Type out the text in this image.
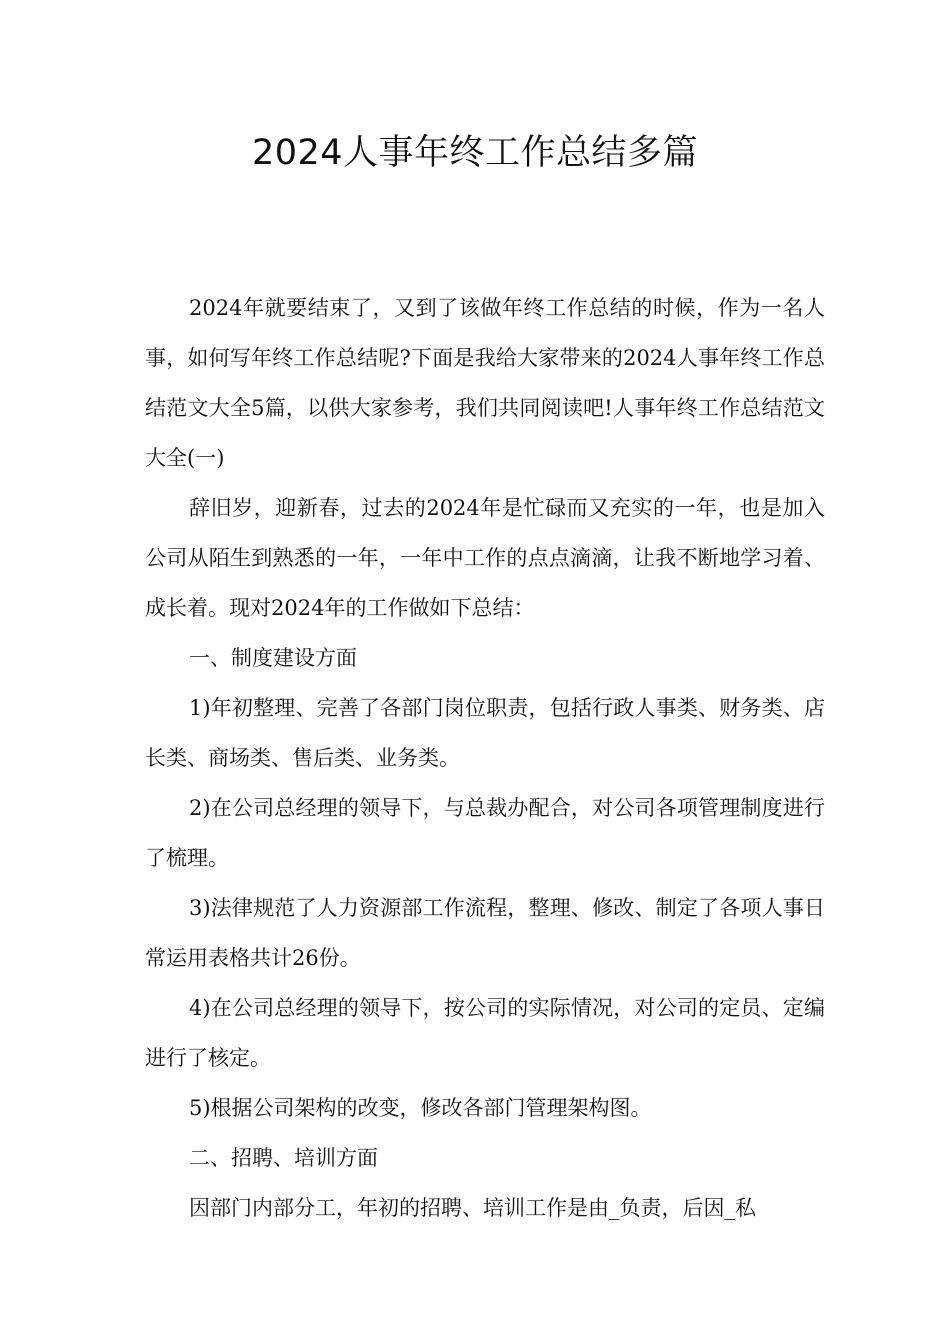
2024人事年终工作总结多篇

2024年就要结束了，又到了该做年终工作总结的时候，作为一名人事，如何写年终工作总结呢?下面是我给大家带来的2024人事年终工作总结范文大全5篇，以供大家参考，我们共同阅读吧!人事年终工作总结范文大全(一)

辞旧岁，迎新春，过去的2024年是忙碌而又充实的一年，也是加入公司从陌生到熟悉的一年，一年中工作的点点滴滴，让我不断地学习着、成长着。现对2024年的工作做如下总结：

一、制度建设方面

1)年初整理、完善了各部门岗位职责，包括行政人事类、财务类、店长类、商场类、售后类、业务类。

2)在公司总经理的领导下，与总裁办配合，对公司各项管理制度进行了梳理。

3)法律规范了人力资源部工作流程，整理、修改、制定了各项人事日常运用表格共计26份。

4)在公司总经理的领导下，按公司的实际情况，对公司的定员、定编进行了核定。

5)根据公司架构的改变，修改各部门管理架构图。

二、招聘、培训方面

因部门内部分工，年初的招聘、培训工作是由_负责，后因_私
